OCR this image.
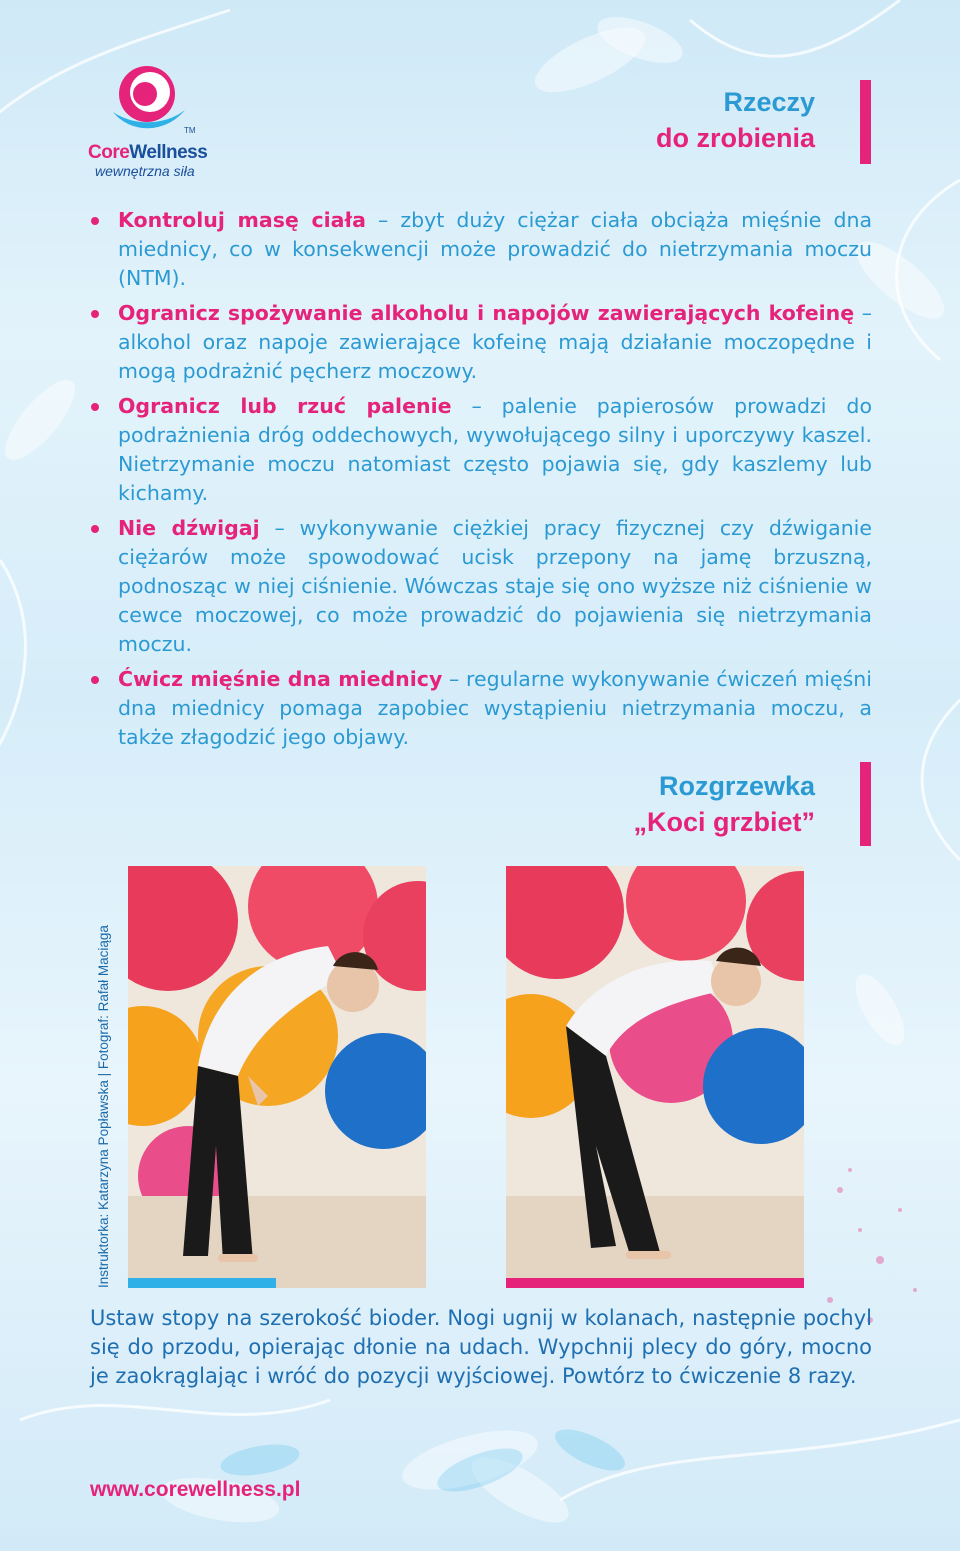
CoreWellness
TM
wewnętrzna siła
Rzeczy
do zrobienia
Kontroluj masę ciała – zbyt duży ciężar ciała obciąża mięśnie dna miednicy, co w konsekwencji może prowadzić do nietrzymania moczu (NTM).
Ogranicz spożywanie alkoholu i napojów zawierających kofeinę – alkohol oraz napoje zawierające kofeinę mają działanie moczopędne i mogą podrażnić pęcherz moczowy.
Ogranicz lub rzuć palenie – palenie papierosów prowadzi do podrażnienia dróg oddechowych, wywołującego silny i uporczywy kaszel. Nietrzymanie moczu natomiast często pojawia się, gdy kaszlemy lub kichamy.
Nie dźwigaj – wykonywanie ciężkiej pracy fizycznej czy dźwiganie ciężarów może spowodować ucisk przepony na jamę brzuszną, podnosząc w niej ciśnienie. Wówczas staje się ono wyższe niż ciśnienie w cewce moczowej, co może prowadzić do pojawienia się nietrzymania moczu.
Ćwicz mięśnie dna miednicy – regularne wykonywanie ćwiczeń mięśni dna miednicy pomaga zapobiec wystąpieniu nietrzymania moczu, a także złagodzić jego objawy.
Rozgrzewka
„Koci grzbiet”
Instruktorka: Katarzyna Popławska | Fotograf: Rafał Maciąga
Ustaw stopy na szerokość bioder. Nogi ugnij w kolanach, następnie pochyl się do przodu, opierając dłonie na udach. Wypchnij plecy do góry, mocno je zaokrąglając i wróć do pozycji wyjściowej. Powtórz to ćwiczenie 8 razy.
www.corewellness.pl
